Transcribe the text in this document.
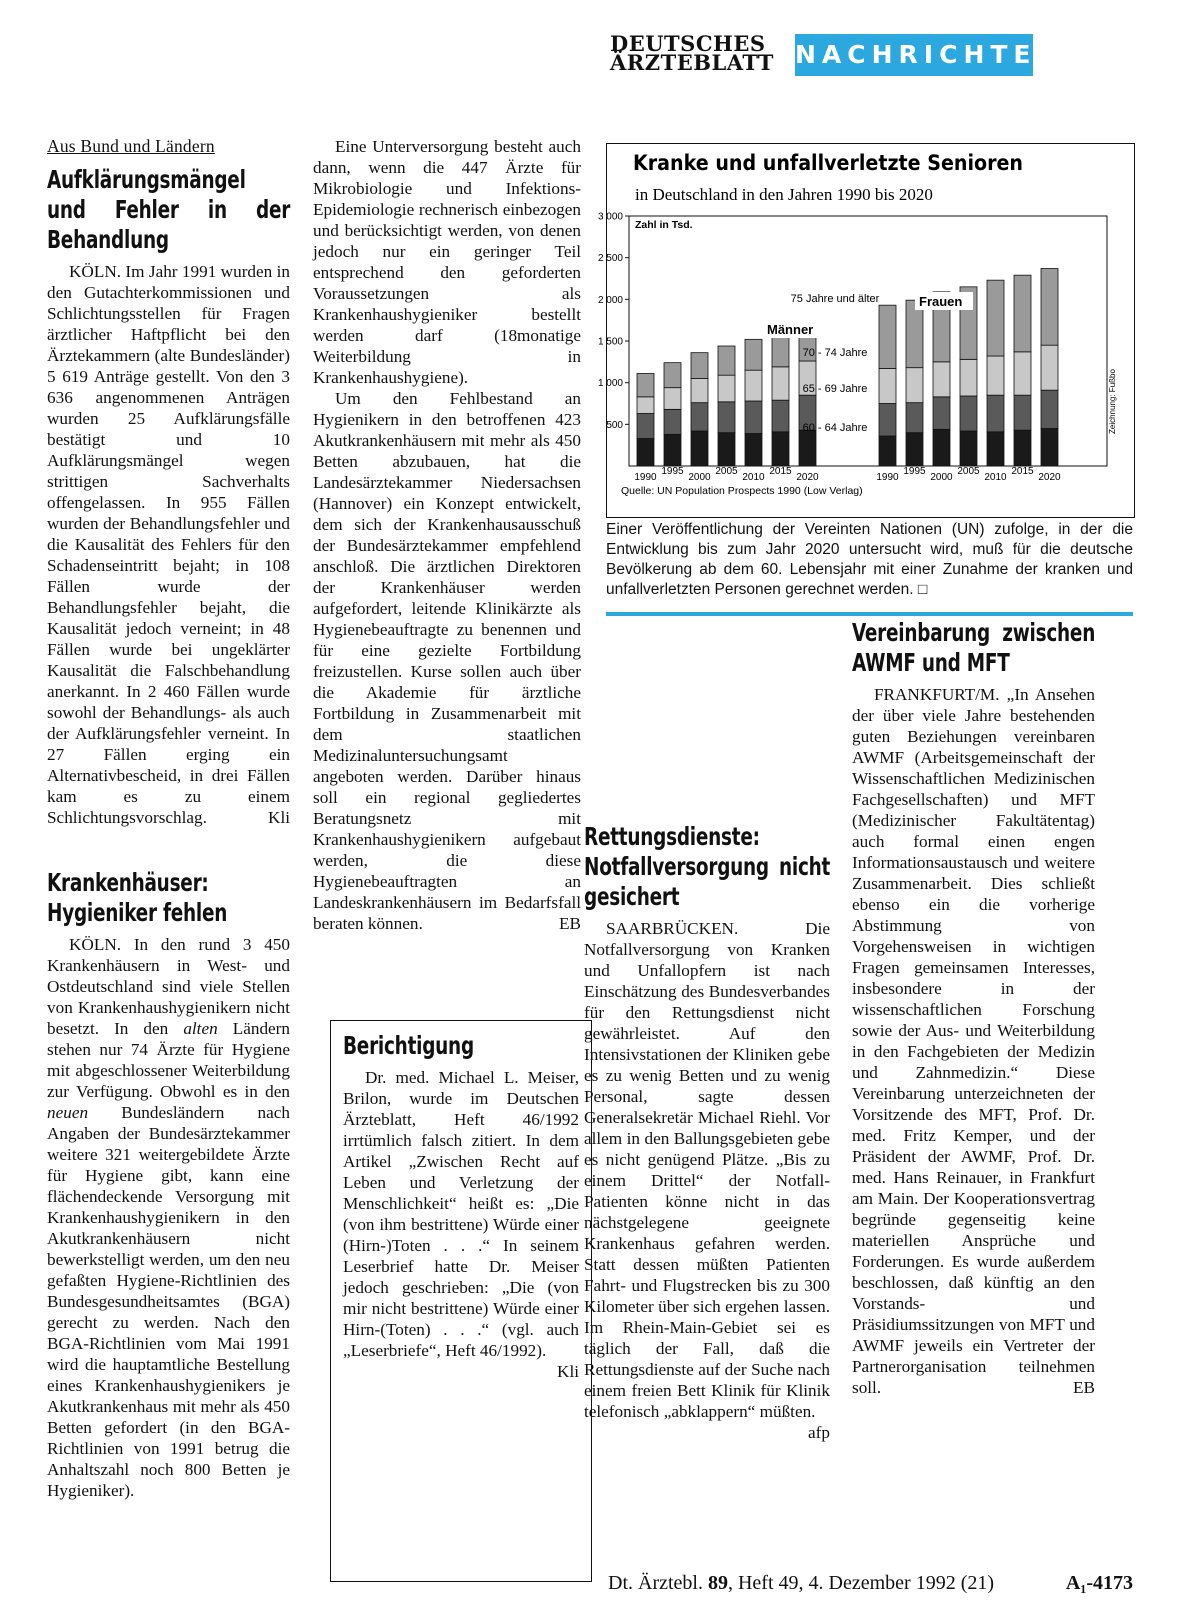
DEUTSCHES
ÄRZTEBLATT NACHRICHTEN
Aus Bund und Ländern
Aufklärungsmängel und Fehler in der Behandlung

KÖLN. Im Jahr 1991 wurden in den Gutachterkommissionen und Schlichtungsstellen für Fragen ärztlicher Haftpflicht bei den Ärztekammern (alte Bundesländer) 5 619 Anträge gestellt. Von den 3 636 angenommenen Anträgen wurden 25 Aufklärungsfälle bestätigt und 10 Aufklärungsmängel wegen strittigen Sachverhalts offengelassen. In 955 Fällen wurden der Behandlungsfehler und die Kausalität des Fehlers für den Schadenseintritt bejaht; in 108 Fällen wurde der Behandlungsfehler bejaht, die Kausalität jedoch verneint; in 48 Fällen wurde bei ungeklärter Kausalität die Falschbehandlung anerkannt. In 2 460 Fällen wurde sowohl der Behandlungs- als auch der Aufklärungsfehler verneint. In 27 Fällen erging ein Alternativbescheid, in drei Fällen kam es zu einem Schlichtungsvorschlag.	Kli

Krankenhäuser: Hygieniker fehlen

KÖLN. In den rund 3 450 Krankenhäusern in West- und Ostdeutschland sind viele Stellen von Krankenhaushygienikern nicht besetzt. In den alten Ländern stehen nur 74 Ärzte für Hygiene mit abgeschlossener Weiterbildung zur Verfügung. Obwohl es in den neuen Bundesländern nach Angaben der Bundesärztekammer weitere 321 weitergebildete Ärzte für Hygiene gibt, kann eine flächendeckende Versorgung mit Krankenhaushygienikern in den Akutkrankenhäusern nicht bewerkstelligt werden, um den neu gefaßten Hygiene-Richtlinien des Bundesgesundheitsamtes (BGA) gerecht zu werden. Nach den BGA-Richtlinien vom Mai 1991 wird die hauptamtliche Bestellung eines Krankenhaushygienikers je Akutkrankenhaus mit mehr als 450 Betten gefordert (in den BGA-Richtlinien von 1991 betrug die Anhaltszahl noch 800 Betten je Hygieniker).

Eine Unterversorgung besteht auch dann, wenn die 447 Ärzte für Mikrobiologie und Infektions-Epidemiologie rechnerisch einbezogen und berücksichtigt werden, von denen jedoch nur ein geringer Teil entsprechend den geforderten Voraussetzungen als Krankenhaushygieniker bestellt werden darf (18monatige Weiterbildung in Krankenhaushygiene).

Um den Fehlbestand an Hygienikern in den betroffenen 423 Akutkrankenhäusern mit mehr als 450 Betten abzubauen, hat die Landesärztekammer Niedersachsen (Hannover) ein Konzept entwickelt, dem sich der Krankenhausausschuß der Bundesärztekammer empfehlend anschloß. Die ärztlichen Direktoren der Krankenhäuser werden aufgefordert, leitende Klinikärzte als Hygienebeauftragte zu benennen und für eine gezielte Fortbildung freizustellen. Kurse sollen auch über die Akademie für ärztliche Fortbildung in Zusammenarbeit mit dem staatlichen Medizinaluntersuchungsamt angeboten werden. Darüber hinaus soll ein regional gegliedertes Beratungsnetz mit Krankenhaushygienikern aufgebaut werden, die diese Hygienebeauftragten an Landeskrankenhäusern im Bedarfsfall beraten können.	EB

Berichtigung

Dr. med. Michael L. Meiser, Brilon, wurde im Deutschen Ärzteblatt, Heft 46/1992 irrtümlich falsch zitiert. In dem Artikel „Zwischen Recht auf Leben und Verletzung der Menschlichkeit“ heißt es: „Die (von ihm bestrittene) Würde einer (Hirn-)Toten . . .“ In seinem Leserbrief hatte Dr. Meiser jedoch geschrieben: „Die (von mir nicht bestrittene) Würde einer Hirn-(Toten) . . .“ (vgl. auch „Leserbriefe“, Heft 46/1992).
Kli

Kranke und unfallverletzte Senioren
in Deutschland in den Jahren 1990 bis 2020
Zahl in Tsd.
500
1 000
1 500
2 000
2 500
3 000
1990
1995
2000
2005
2010
2015
2020
Männer
1990
1995
2000
2005
2010
2015
2020
Frauen
75 Jahre und älter
70 - 74 Jahre
65 - 69 Jahre
60 - 64 Jahre
Quelle: UN Population Prospects 1990 (Low Verlag)
Zeichnung: Fußbo
Einer Veröffentlichung der Vereinten Nationen (UN) zufolge, in der die Entwicklung bis zum Jahr 2020 untersucht wird, muß für die deutsche Bevölkerung ab dem 60. Lebensjahr mit einer Zunahme der kranken und unfallverletzten Personen gerechnet werden. □
Rettungsdienste: Notfallversorgung nicht gesichert

SAARBRÜCKEN. Die Notfallversorgung von Kranken und Unfallopfern ist nach Einschätzung des Bundesverbandes für den Rettungsdienst nicht gewährleistet. Auf den Intensivstationen der Kliniken gebe es zu wenig Betten und zu wenig Personal, sagte dessen Generalsekretär Michael Riehl. Vor allem in den Ballungsgebieten gebe es nicht genügend Plätze. „Bis zu einem Drittel“ der Notfall-Patienten könne nicht in das nächstgelegene geeignete Krankenhaus gefahren werden. Statt dessen müßten Patienten Fahrt- und Flugstrecken bis zu 300 Kilometer über sich ergehen lassen. Im Rhein-Main-Gebiet sei es täglich der Fall, daß die Rettungsdienste auf der Suche nach einem freien Bett Klinik für Klinik telefonisch „abklappern“ müßten.
afp

Vereinbarung zwischen AWMF und MFT

FRANKFURT/M. „In Ansehen der über viele Jahre bestehenden guten Beziehungen vereinbaren AWMF (Arbeitsgemeinschaft der Wissenschaftlichen Medizinischen Fachgesellschaften) und MFT (Medizinischer Fakultätentag) auch formal einen engen Informationsaustausch und weitere Zusammenarbeit. Dies schließt ebenso ein die vorherige Abstimmung von Vorgehensweisen in wichtigen Fragen gemeinsamen Interesses, insbesondere in der wissenschaftlichen Forschung sowie der Aus- und Weiterbildung in den Fachgebieten der Medizin und Zahnmedizin.“ Diese Vereinbarung unterzeichneten der Vorsitzende des MFT, Prof. Dr. med. Fritz Kemper, und der Präsident der AWMF, Prof. Dr. med. Hans Reinauer, in Frankfurt am Main. Der Kooperationsvertrag begründe gegenseitig keine materiellen Ansprüche und Forderungen. Es wurde außerdem beschlossen, daß künftig an den Vorstands- und Präsidiumssitzungen von MFT und AWMF jeweils ein Vertreter der Partnerorganisation teilnehmen soll.	EB

Dt. Ärztebl. 89, Heft 49, 4. Dezember 1992 (21)	A₁-4173
